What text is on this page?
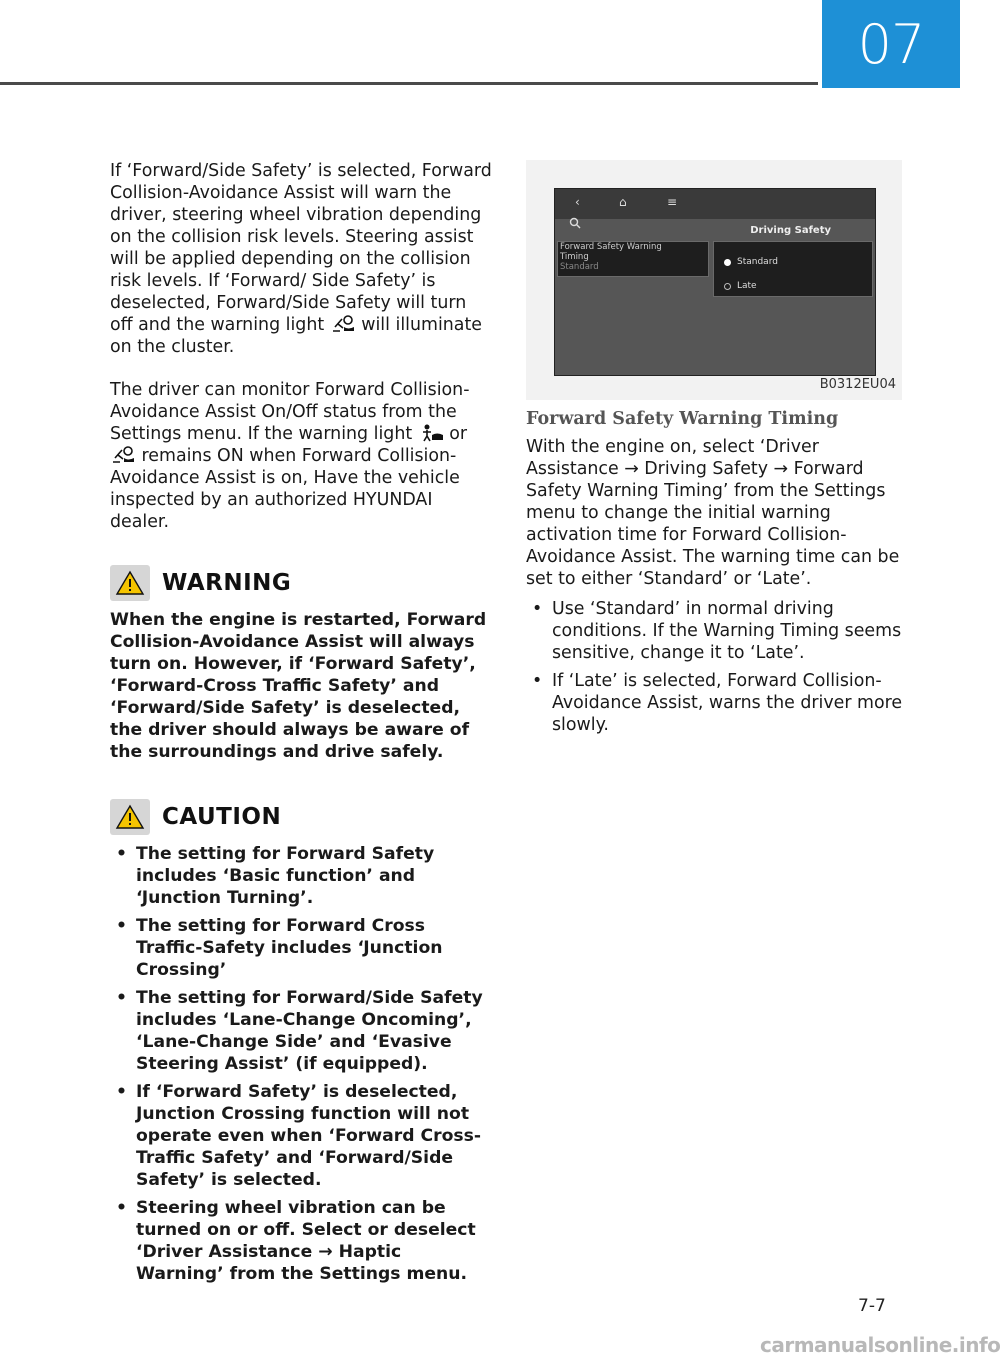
07

If ‘Forward/Side Safety’ is selected, Forward Collision-Avoidance Assist will warn the driver, steering wheel vibration depending on the collision risk levels. Steering assist will be applied depending on the collision risk levels. If ‘Forward/ Side Safety’ is deselected, Forward/Side Safety will turn off and the warning light will illuminate on the cluster.

The driver can monitor Forward Collision-Avoidance Assist On/Off status from the Settings menu. If the warning light or  remains ON when Forward Collision-Avoidance Assist is on, Have the vehicle inspected by an authorized HYUNDAI dealer.

WARNING

When the engine is restarted, Forward Collision-Avoidance Assist will always turn on. However, if ‘Forward Safety’, ‘Forward-Cross Traffic Safety’ and ‘Forward/Side Safety’ is deselected, the driver should always be aware of the surroundings and drive safely.

CAUTION
• The setting for Forward Safety includes ‘Basic function’ and ‘Junction Turning’.
• The setting for Forward Cross Traffic-Safety includes ‘Junction Crossing’
• The setting for Forward/Side Safety includes ‘Lane-Change Oncoming’, ‘Lane-Change Side’ and ‘Evasive Steering Assist’ (if equipped).
• If ‘Forward Safety’ is deselected, Junction Crossing function will not operate even when ‘Forward Cross-Traffic Safety’ and ‘Forward/Side Safety’ is selected.
• Steering wheel vibration can be turned on or off. Select or deselect ‘Driver Assistance → Haptic Warning’ from the Settings menu.
‹	⌂	≡
Driving Safety
Forward Safety Warning
Timing
Standard	Standard
Late
B0312EU04
Forward Safety Warning Timing

With the engine on, select ‘Driver Assistance → Driving Safety → Forward Safety Warning Timing’ from the Settings menu to change the initial warning activation time for Forward Collision-Avoidance Assist. The warning time can be set to either ‘Standard’ or ‘Late’.

• Use ‘Standard’ in normal driving conditions. If the Warning Timing seems sensitive, change it to ‘Late’.
• If ‘Late’ is selected, Forward Collision-Avoidance Assist, warns the driver more slowly.
7-7
carmanualsonline.info
